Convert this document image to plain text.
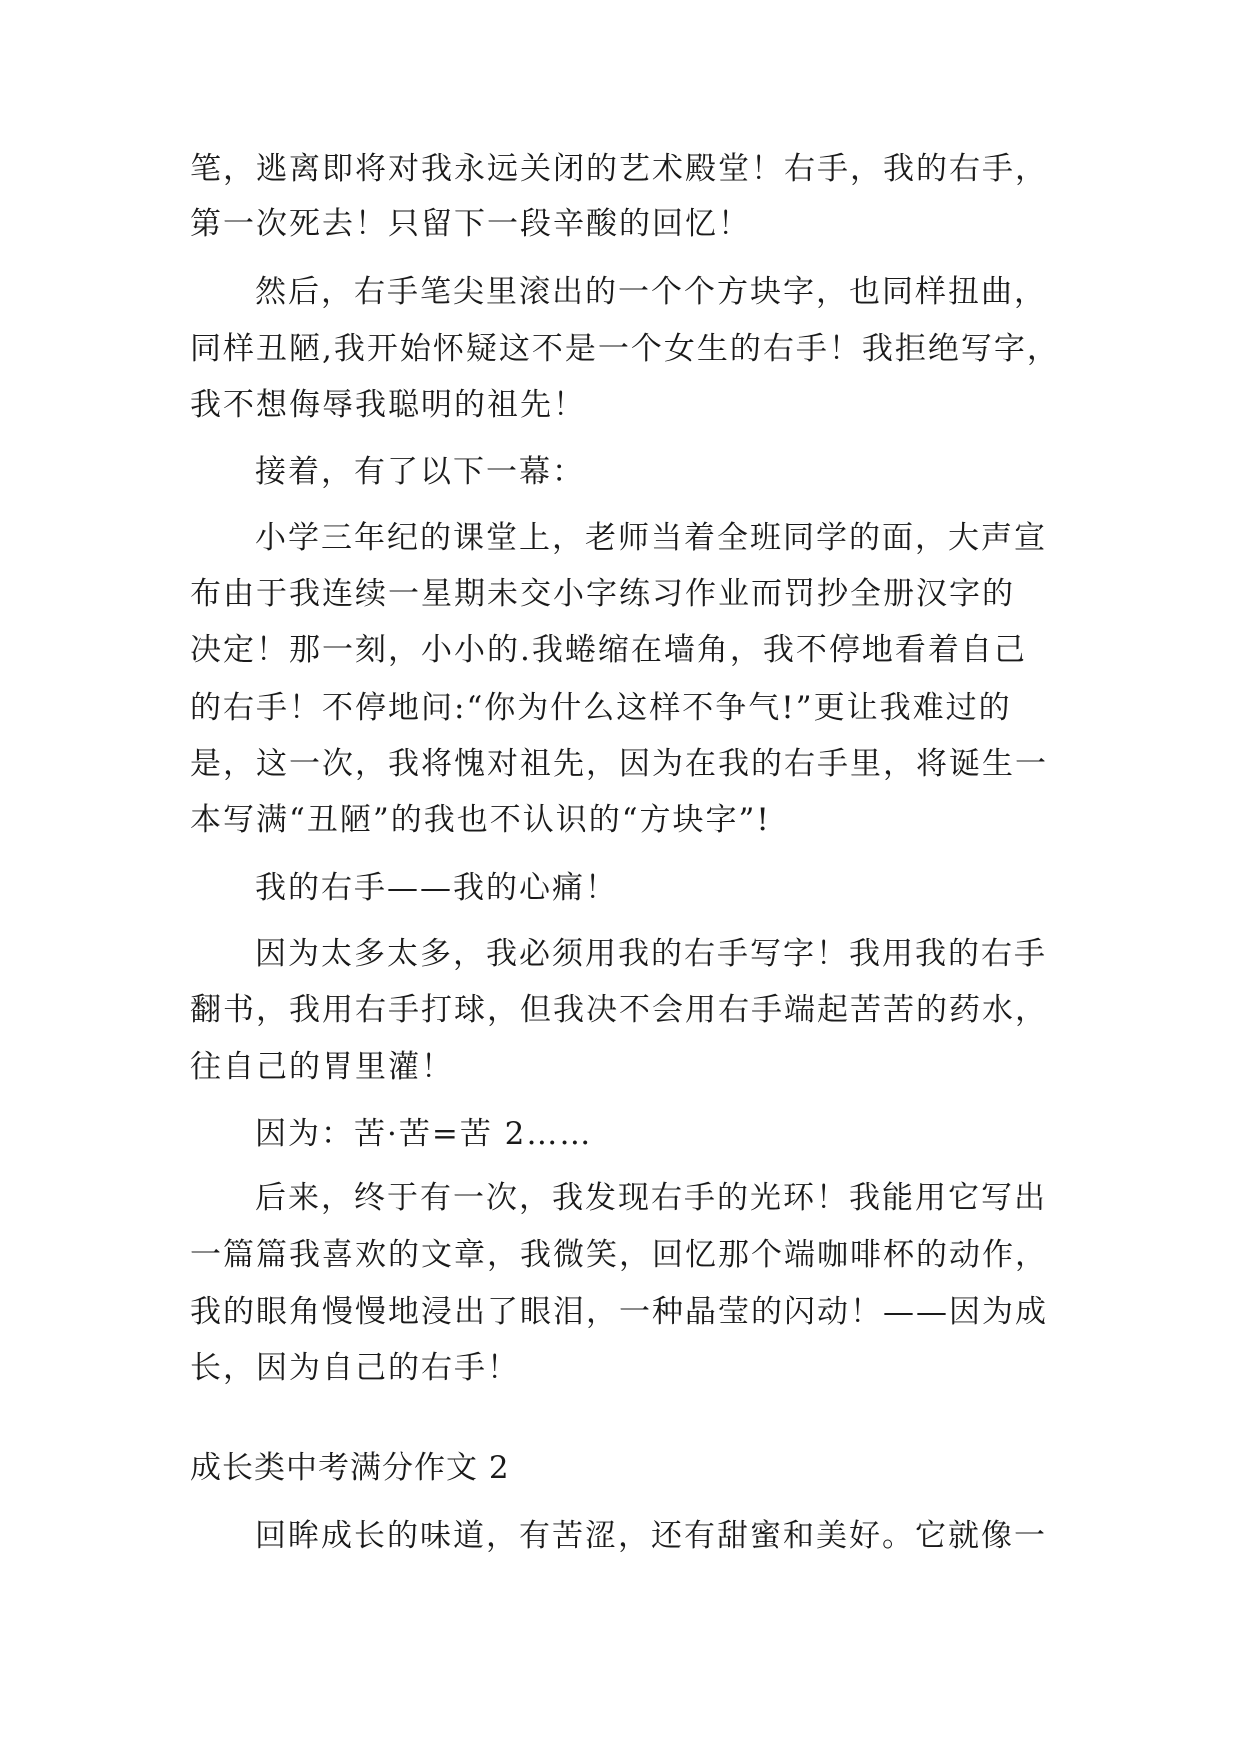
笔，逃离即将对我永远关闭的艺术殿堂！右手，我的右手，
第一次死去！只留下一段辛酸的回忆！
然后，右手笔尖里滚出的一个个方块字，也同样扭曲，
同样丑陋,我开始怀疑这不是一个女生的右手！我拒绝写字，
我不想侮辱我聪明的祖先！
接着，有了以下一幕：
小学三年纪的课堂上，老师当着全班同学的面，大声宣
布由于我连续一星期未交小字练习作业而罚抄全册汉字的
决定！那一刻，小小的.我蜷缩在墙角，我不停地看着自己
的右手！不停地问:“你为什么这样不争气!”更让我难过的
是，这一次，我将愧对祖先，因为在我的右手里，将诞生一
本写满“丑陋”的我也不认识的“方块字”!
我的右手——我的心痛！
因为太多太多，我必须用我的右手写字！我用我的右手
翻书，我用右手打球，但我决不会用右手端起苦苦的药水，
往自己的胃里灌！
因为：苦·苦=苦 2……
后来，终于有一次，我发现右手的光环！我能用它写出
一篇篇我喜欢的文章，我微笑，回忆那个端咖啡杯的动作，
我的眼角慢慢地浸出了眼泪，一种晶莹的闪动！——因为成
长，因为自己的右手！
成长类中考满分作文 2
回眸成长的味道，有苦涩，还有甜蜜和美好。它就像一
